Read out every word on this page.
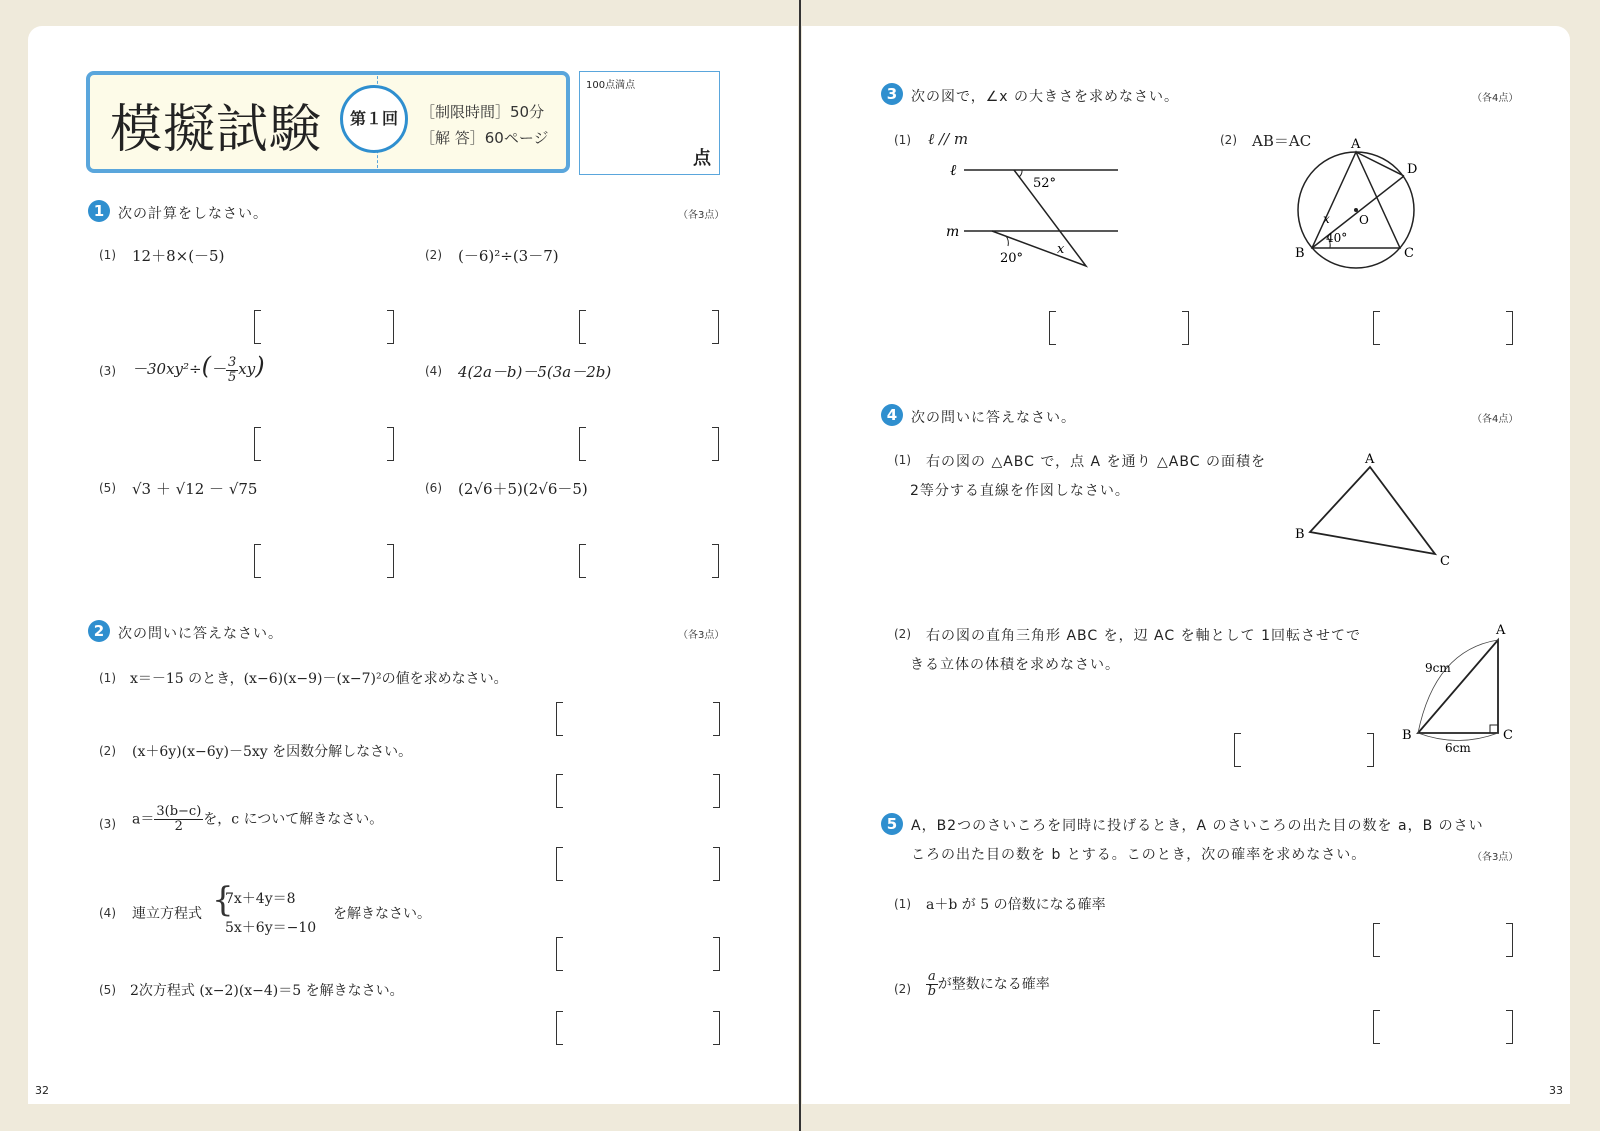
模擬試験	第１回	［制限時間］50分
［解 答］60ページ
100点満点
点
1 次の計算をしなさい。	（各3点）
(1) 12＋8×(－5)	(2) (－6)²÷(3－7)
$(3) -30xy^2\div(- \frac{3}{5} xy)$	(4) 4(2a－b)－5(3a－2b)
(5) √3 ＋ √12 － √75	(6) (2√6＋5)(2√6－5)
2 次の問いに答えなさい。	（各3点）
(1) x＝－15 のとき，(x−6)(x−9)－(x−7)²の値を求めなさい。
(2) (x＋6y)(x−6y)－5xy を因数分解しなさい。
(3) $a= \frac{3(b-c)}{2}$ を，c について解きなさい。
(4) 連立方程式 {
7x＋4y＝8
5x＋6y＝−10
を解きなさい。
(5) 2次方程式 (x−2)(x−4)＝5 を解きなさい。
32
3 次の図で，∠x の大きさを求めなさい。	（各4点）
(1) ℓ // m
ℓ
m
52°
20°
x
(2) AB＝AC	A
B	C
D
O
40°
x
4 次の問いに答えなさい。	（各4点）
(1) 右の図の △ABC で，点 A を通り △ABC の面積を
2等分する直線を作図しなさい。
A
B
C
(2) 右の図の直角三角形 ABC を，辺 AC を軸として 1回転させてで
きる立体の体積を求めなさい。
A
B	C
9cm
6cm
5 A，B2つのさいころを同時に投げるとき，A のさいころの出た目の数を a，B のさい
ころの出た目の数を b とする。このとき，次の確率を求めなさい。	（各3点）
(1) a＋b が 5 の倍数になる確率
$(2) \frac{a}{b}$ が整数になる確率
33
